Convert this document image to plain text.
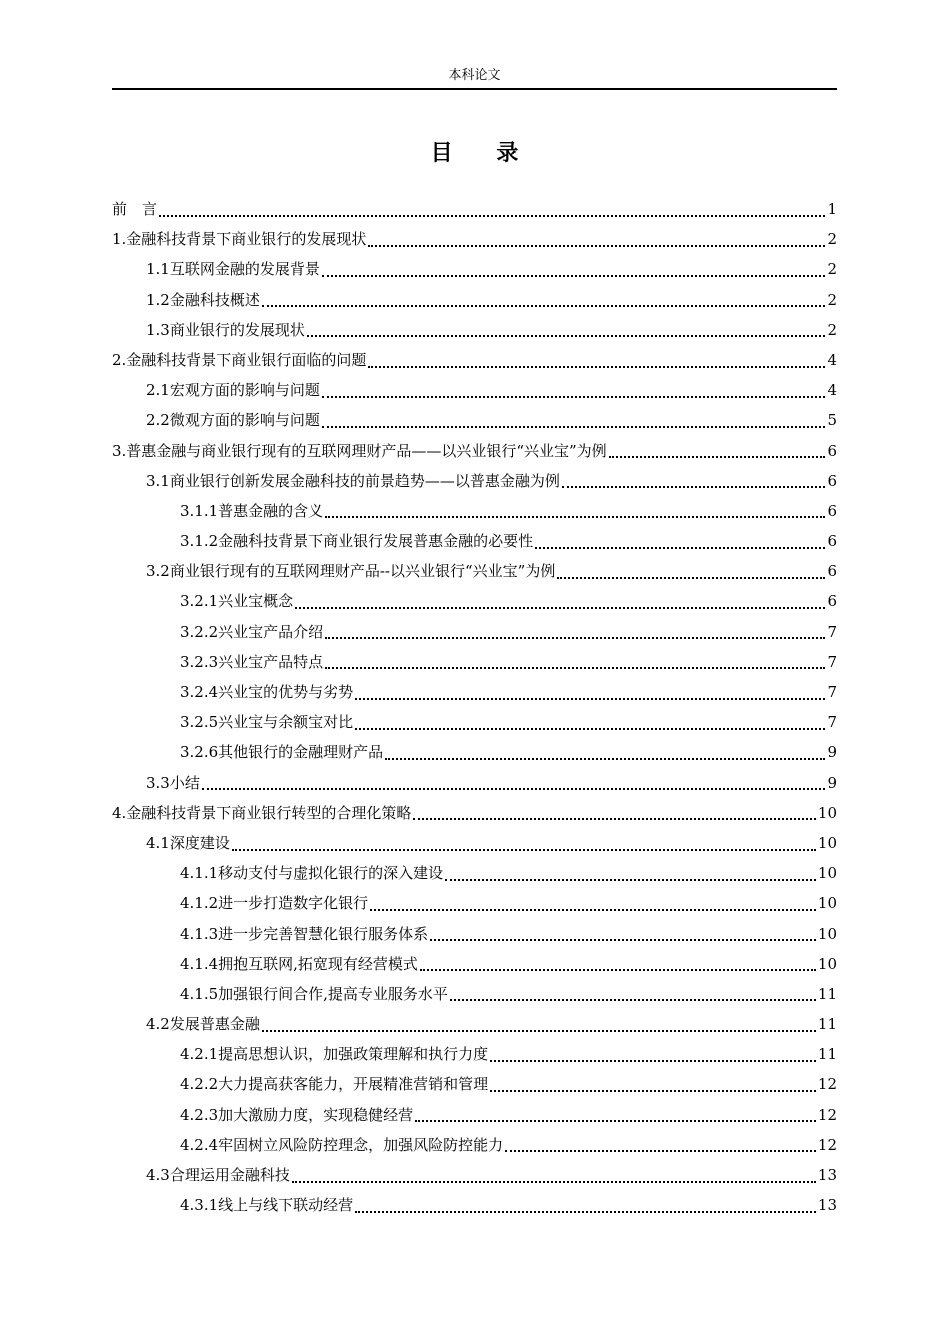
本科论文
目 录
前　言	1
1.金融科技背景下商业银行的发展现状	2
1.1互联网金融的发展背景	2
1.2金融科技概述	2
1.3商业银行的发展现状	2
2.金融科技背景下商业银行面临的问题	4
2.1宏观方面的影响与问题	4
2.2微观方面的影响与问题	5
3.普惠金融与商业银行现有的互联网理财产品——以兴业银行“兴业宝”为例	6
3.1商业银行创新发展金融科技的前景趋势——以普惠金融为例	6
3.1.1普惠金融的含义	6
3.1.2金融科技背景下商业银行发展普惠金融的必要性	6
3.2商业银行现有的互联网理财产品--以兴业银行“兴业宝”为例	6
3.2.1兴业宝概念	6
3.2.2兴业宝产品介绍	7
3.2.3兴业宝产品特点	7
3.2.4兴业宝的优势与劣势	7
3.2.5兴业宝与余额宝对比	7
3.2.6其他银行的金融理财产品	9
3.3小结	9
4.金融科技背景下商业银行转型的合理化策略	10
4.1深度建设	10
4.1.1移动支付与虚拟化银行的深入建设	10
4.1.2进一步打造数字化银行	10
4.1.3进一步完善智慧化银行服务体系	10
4.1.4拥抱互联网,拓宽现有经营模式	10
4.1.5加强银行间合作,提高专业服务水平	11
4.2发展普惠金融	11
4.2.1提高思想认识，加强政策理解和执行力度	11
4.2.2大力提高获客能力，开展精准营销和管理	12
4.2.3加大激励力度，实现稳健经营	12
4.2.4牢固树立风险防控理念，加强风险防控能力	12
4.3合理运用金融科技	13
4.3.1线上与线下联动经营	13
